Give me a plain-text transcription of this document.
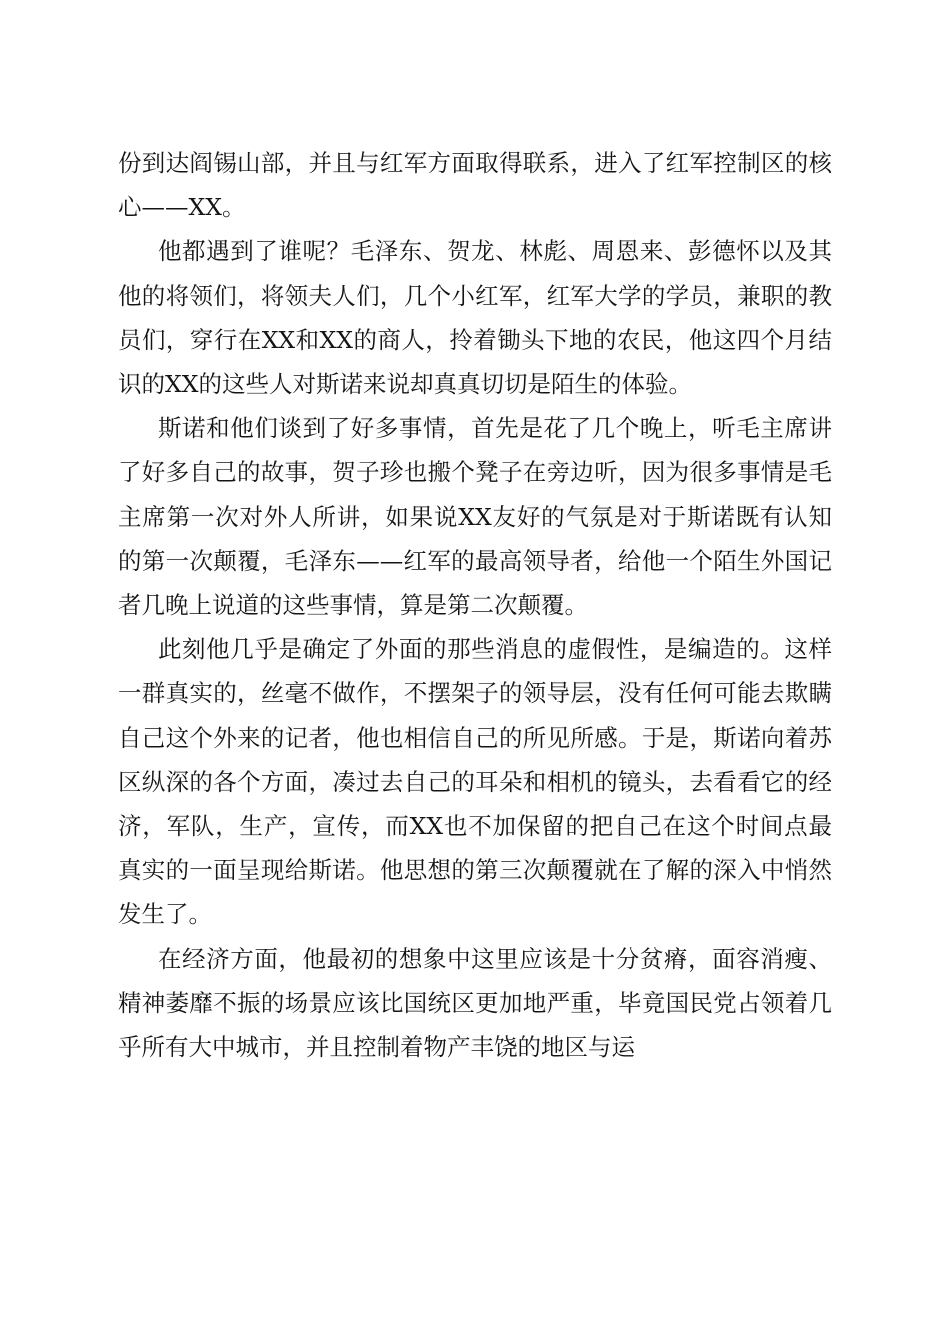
份到达阎锡山部，并且与红军方面取得联系，进入了红军控制区的核心——XX。

他都遇到了谁呢？毛泽东、贺龙、林彪、周恩来、彭德怀以及其他的将领们，将领夫人们，几个小红军，红军大学的学员，兼职的教员们，穿行在XX和XX的商人，拎着锄头下地的农民，他这四个月结识的XX的这些人对斯诺来说却真真切切是陌生的体验。

斯诺和他们谈到了好多事情，首先是花了几个晚上，听毛主席讲了好多自己的故事，贺子珍也搬个凳子在旁边听，因为很多事情是毛主席第一次对外人所讲，如果说XX友好的气氛是对于斯诺既有认知的第一次颠覆，毛泽东——红军的最高领导者，给他一个陌生外国记者几晚上说道的这些事情，算是第二次颠覆。

此刻他几乎是确定了外面的那些消息的虚假性，是编造的。这样一群真实的，丝毫不做作，不摆架子的领导层，没有任何可能去欺瞒自己这个外来的记者，他也相信自己的所见所感。于是，斯诺向着苏区纵深的各个方面，凑过去自己的耳朵和相机的镜头，去看看它的经济，军队，生产，宣传，而XX也不加保留的把自己在这个时间点最真实的一面呈现给斯诺。他思想的第三次颠覆就在了解的深入中悄然发生了。

在经济方面，他最初的想象中这里应该是十分贫瘠，面容消瘦、精神萎靡不振的场景应该比国统区更加地严重，毕竟国民党占领着几乎所有大中城市，并且控制着物产丰饶的地区与运
